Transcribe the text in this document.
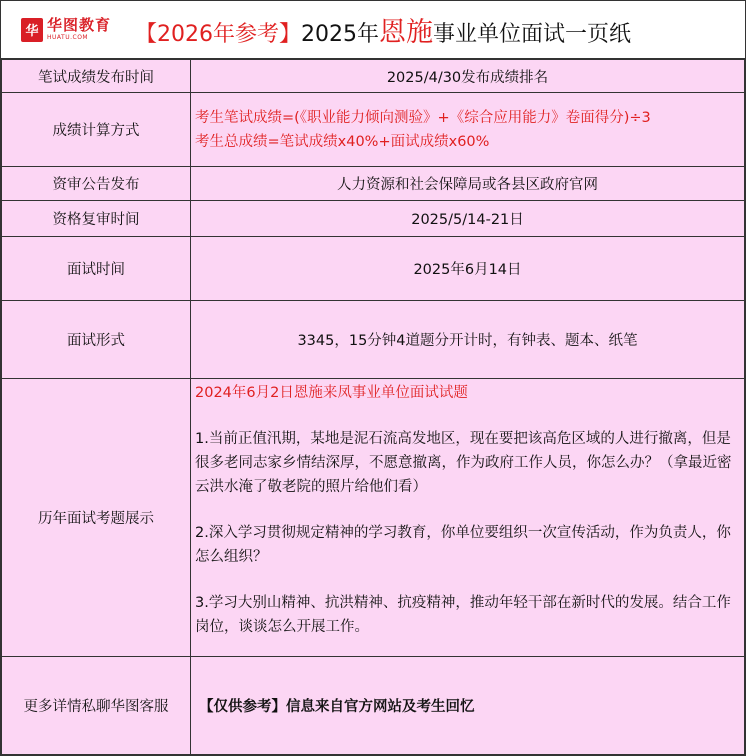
华 华图教育
HUATU.COM	【2026年参考】2025年恩施事业单位面试一页纸
笔试成绩发布时间	2025/4/30发布成绩排名
成绩计算方式	考生笔试成绩=(《职业能力倾向测验》+《综合应用能力》卷面得分)÷3
考生总成绩=笔试成绩x40%+面试成绩x60%

资审公告发布	人力资源和社会保障局或各县区政府官网
资格复审时间	2025/5/14-21日
面试时间	2025年6月14日
面试形式	3345，15分钟4道题分开计时，有钟表、题本、纸笔
历年面试考题展示	2024年6月2日恩施来凤事业单位面试试题
1.当前正值汛期，某地是泥石流高发地区，现在要把该高危区域的人进行撤离，但是很多老同志家乡情结深厚，不愿意撤离，作为政府工作人员，你怎么办？（拿最近密云洪水淹了敬老院的照片给他们看）
2.深入学习贯彻规定精神的学习教育，你单位要组织一次宣传活动，作为负责人，你怎么组织？
3.学习大别山精神、抗洪精神、抗疫精神，推动年轻干部在新时代的发展。结合工作岗位，谈谈怎么开展工作。

更多详情私聊华图客服	【仅供参考】信息来自官方网站及考生回忆
